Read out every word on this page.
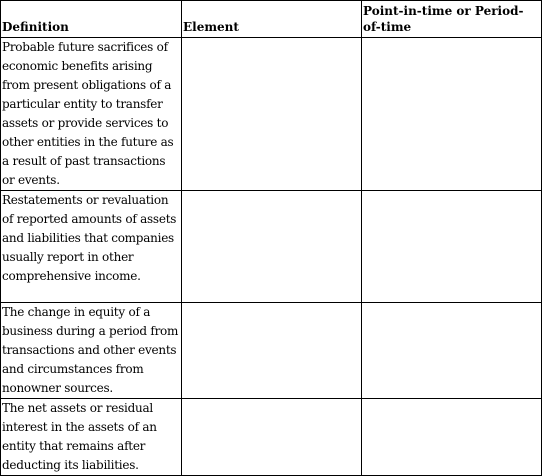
Definition	Element	Point-in-time or Period-of-time

Probable future sacrifices of economic benefits arising from present obligations of a particular entity to transfer assets or provide services to other entities in the future as a result of past transactions or events.		

Restatements or revaluation of reported amounts of assets and liabilities that companies usually report in other comprehensive income.		

The change in equity of a business during a period from transactions and other events and circumstances from nonowner sources.		

The net assets or residual interest in the assets of an entity that remains after deducting its liabilities.		
